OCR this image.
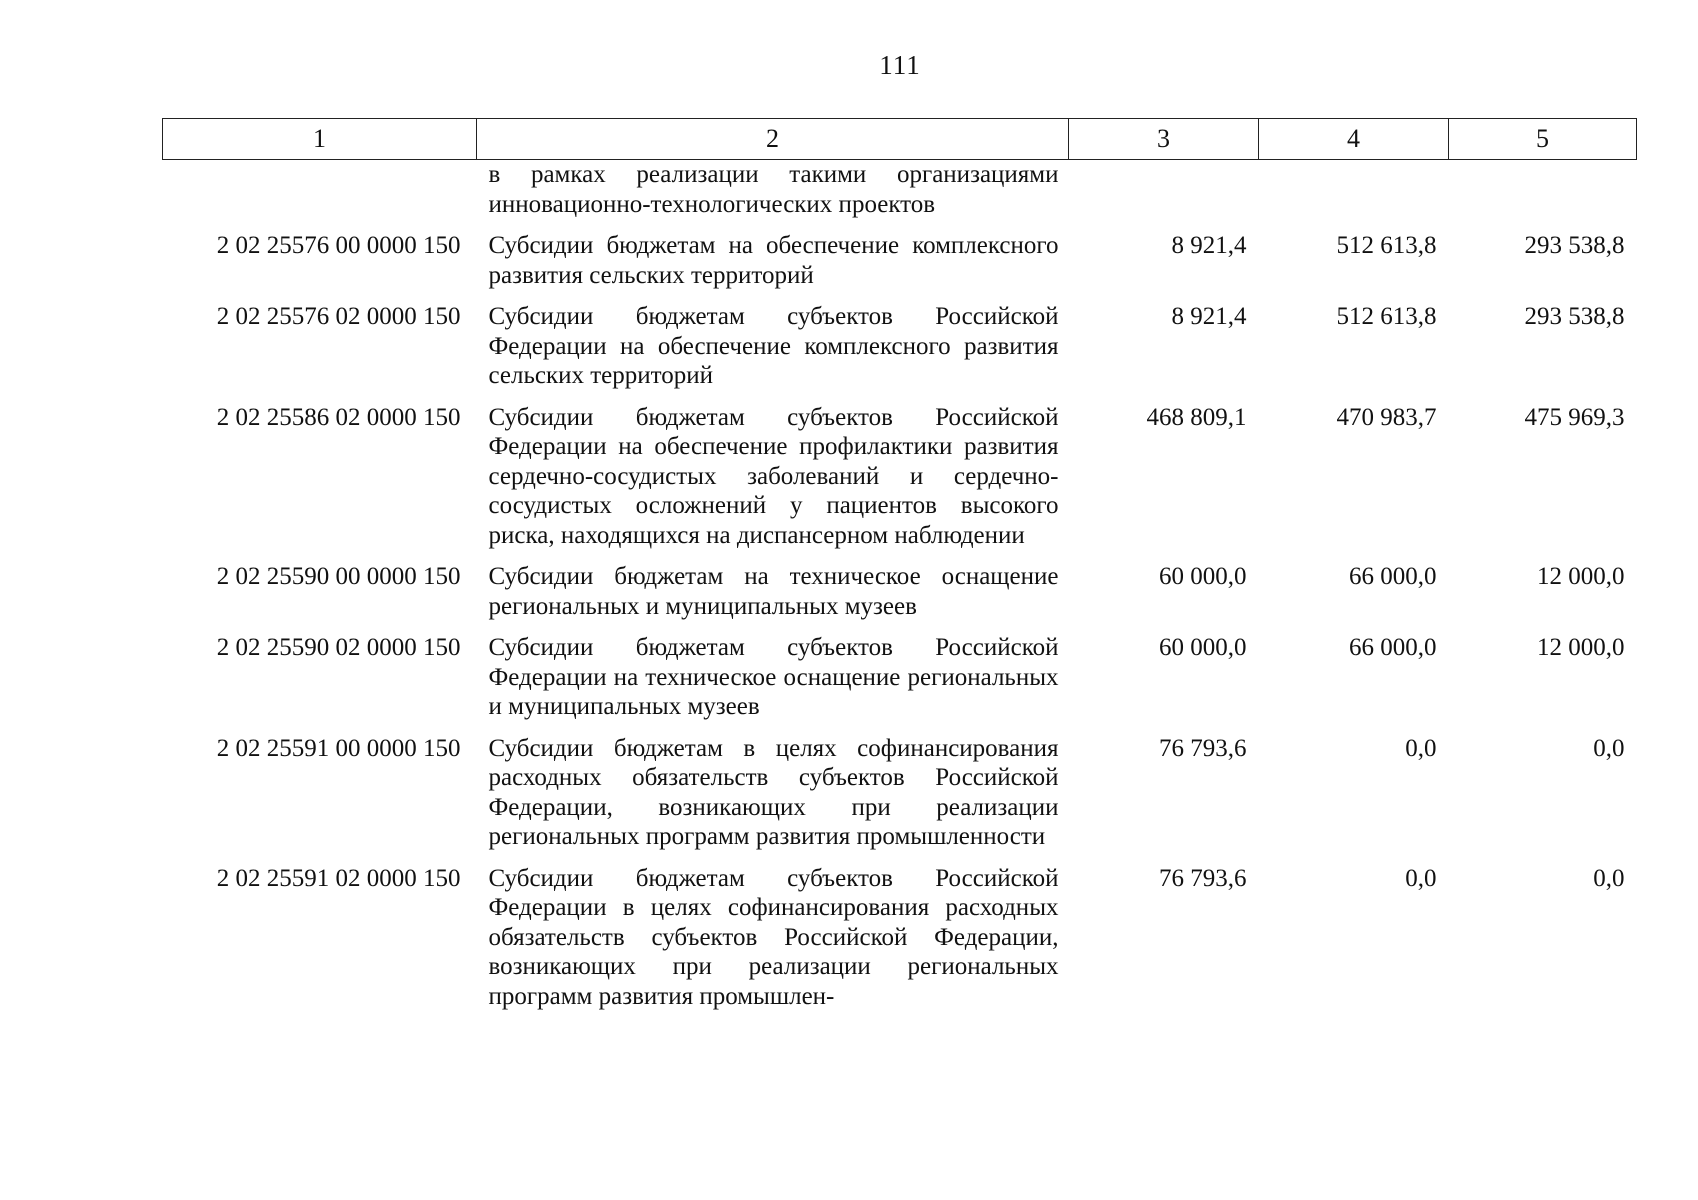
111
1	2	3	4	5
	в рамках реализации такими организациями инновационно-технологических проектов			
2 02 25576 00 0000 150	Субсидии бюджетам на обеспечение комплексного развития сельских территорий	8 921,4	512 613,8	293 538,8
2 02 25576 02 0000 150	Субсидии бюджетам субъектов Российской Федерации на обеспечение комплексного развития сельских территорий	8 921,4	512 613,8	293 538,8
2 02 25586 02 0000 150	Субсидии бюджетам субъектов Российской Федерации на обеспечение профилактики развития сердечно-сосудистых заболеваний и сердечно-сосудистых осложнений у пациентов высокого риска, находящихся на диспансерном наблюдении	468 809,1	470 983,7	475 969,3
2 02 25590 00 0000 150	Субсидии бюджетам на техническое оснащение региональных и муниципальных музеев	60 000,0	66 000,0	12 000,0
2 02 25590 02 0000 150	Субсидии бюджетам субъектов Российской Федерации на техническое оснащение региональных и муниципальных музеев	60 000,0	66 000,0	12 000,0
2 02 25591 00 0000 150	Субсидии бюджетам в целях софинансирования расходных обязательств субъектов Российской Федерации, возникающих при реализации региональных программ развития промышленности	76 793,6	0,0	0,0
2 02 25591 02 0000 150	Субсидии бюджетам субъектов Российской Федерации в целях софинансирования расходных обязательств субъектов Российской Федерации, возникающих при реализации региональных программ развития промышлен-	76 793,6	0,0	0,0
